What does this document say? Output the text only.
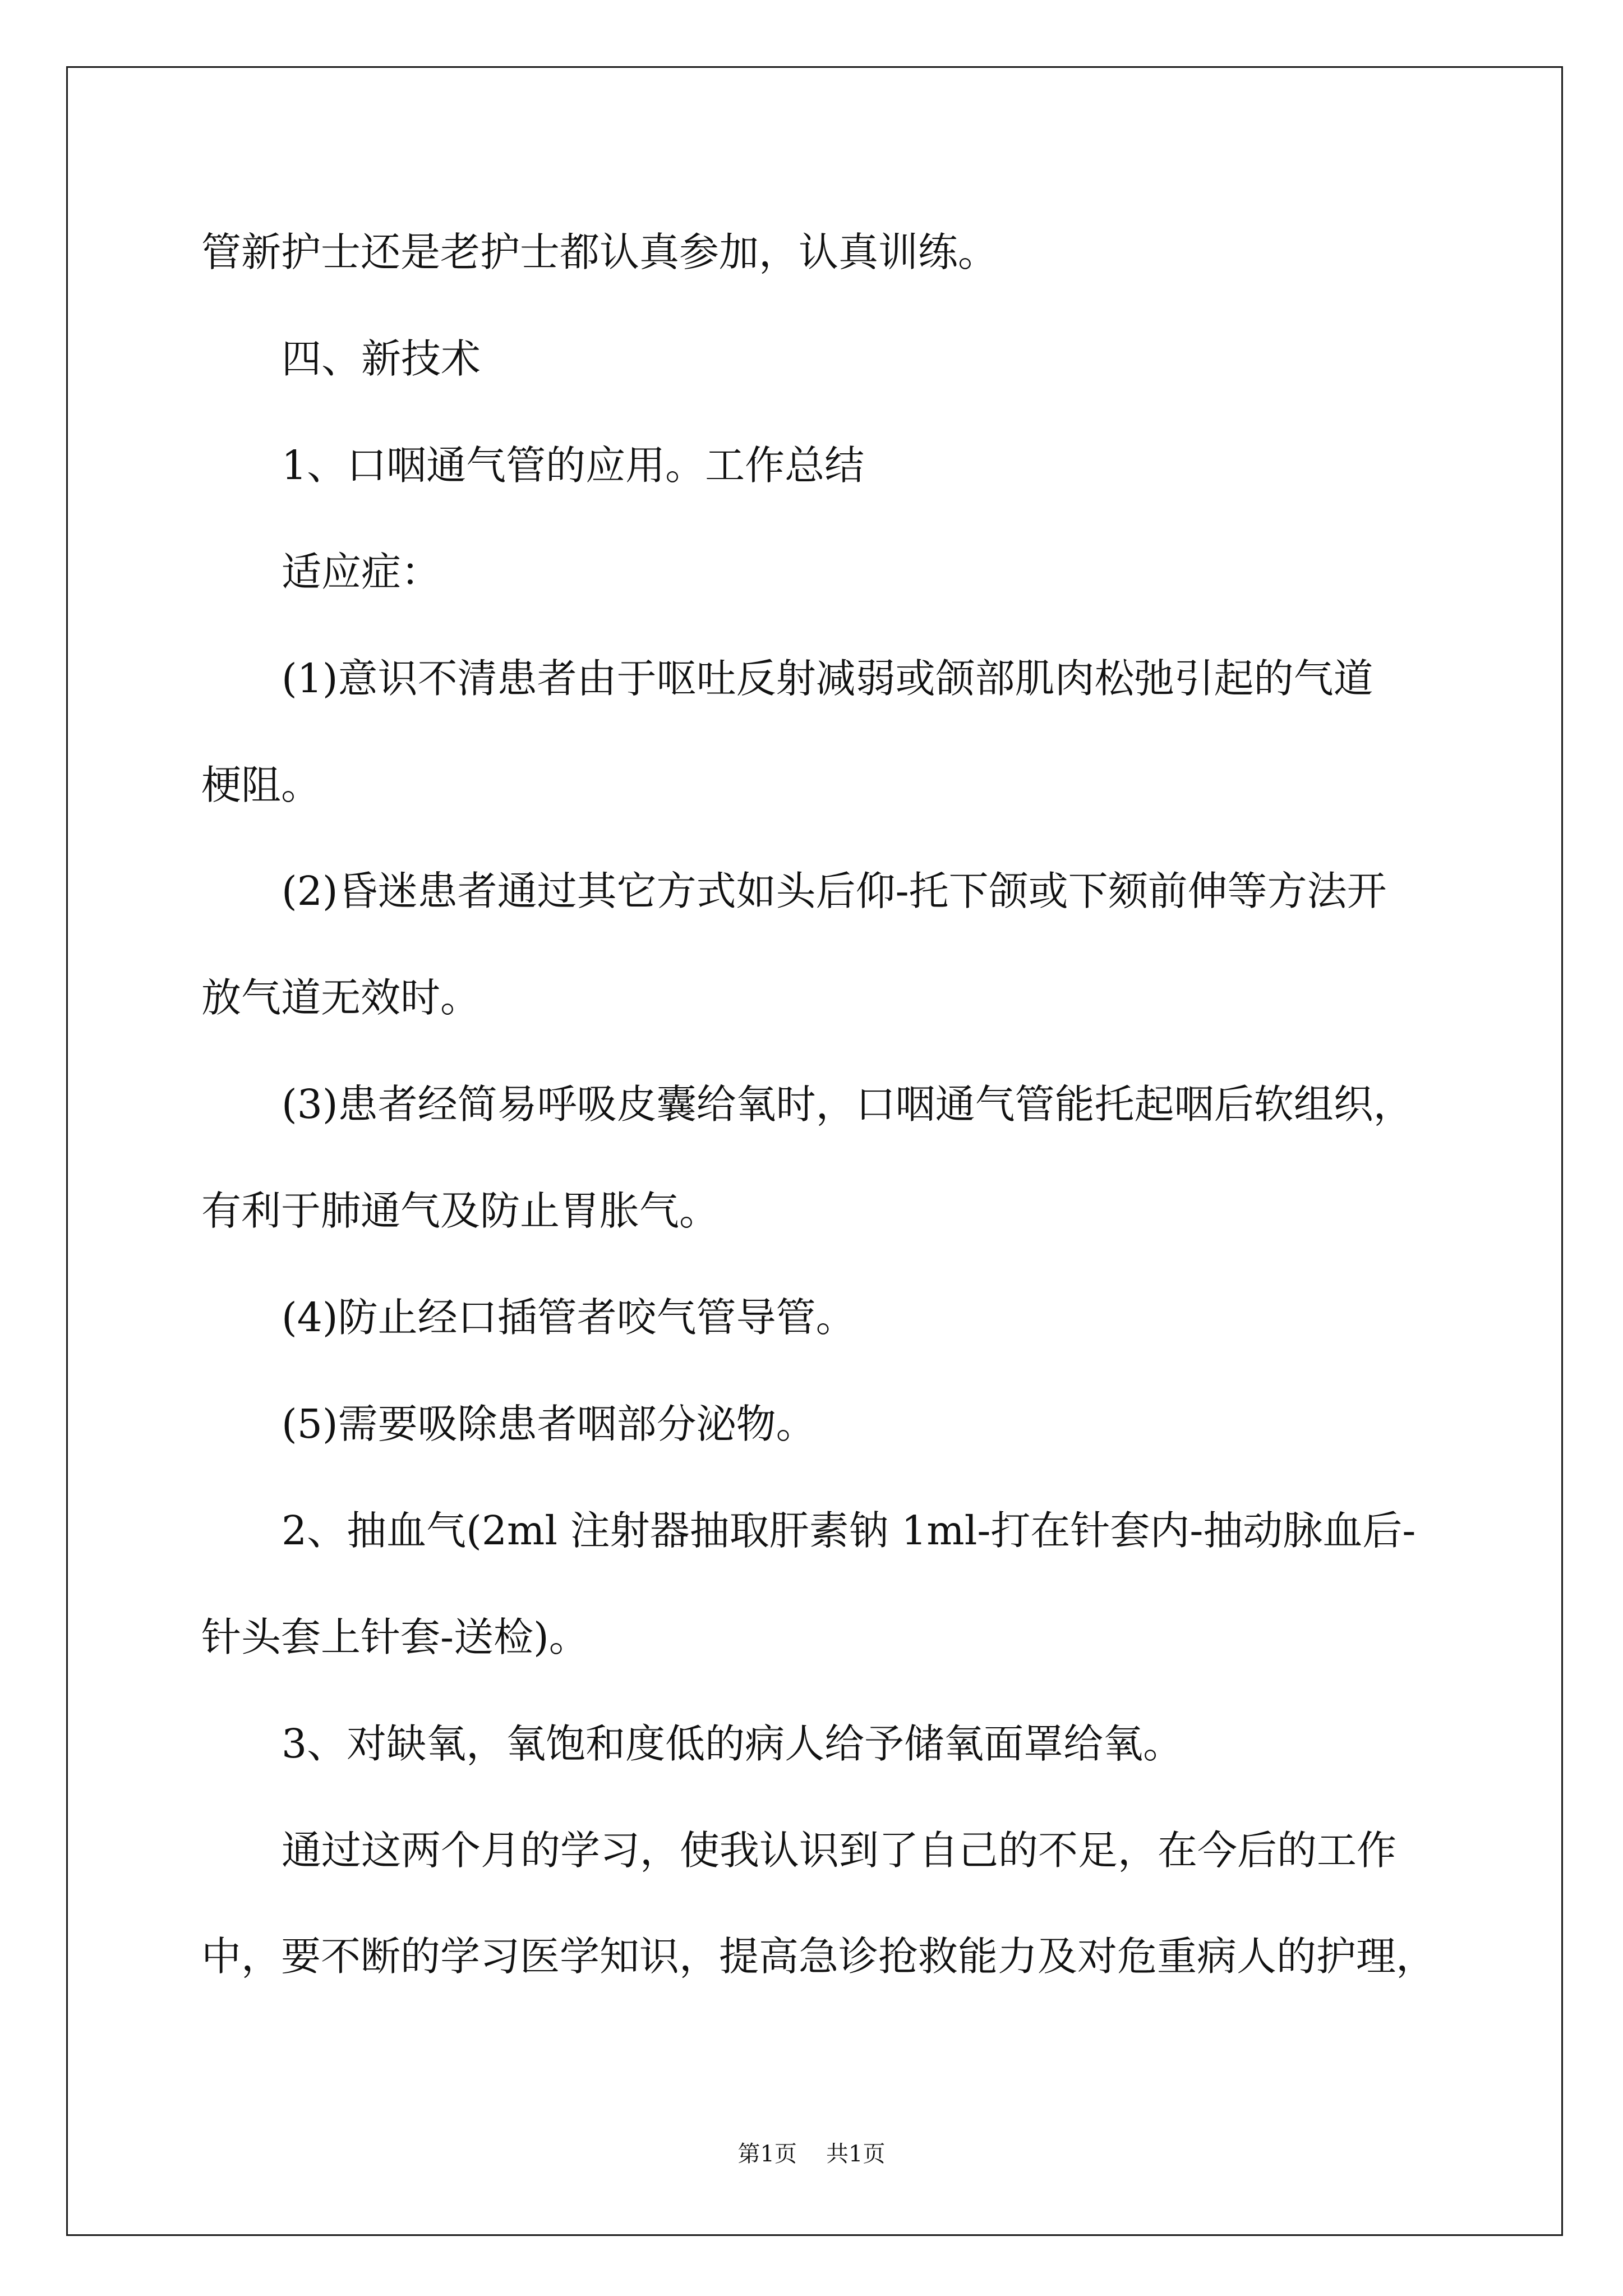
管新护士还是老护士都认真参加，认真训练。
四、新技术
1、口咽通气管的应用。工作总结
适应症：
(1)意识不清患者由于呕吐反射减弱或颌部肌肉松弛引起的气道
梗阻。
(2)昏迷患者通过其它方式如头后仰-托下颌或下颏前伸等方法开
放气道无效时。
(3)患者经简易呼吸皮囊给氧时，口咽通气管能托起咽后软组织，
有利于肺通气及防止胃胀气。
(4)防止经口插管者咬气管导管。
(5)需要吸除患者咽部分泌物。
2、抽血气(2ml 注射器抽取肝素钠 1ml-打在针套内-抽动脉血后-
针头套上针套-送检)。
3、对缺氧，氧饱和度低的病人给予储氧面罩给氧。
通过这两个月的学习，使我认识到了自己的不足，在今后的工作
中，要不断的学习医学知识，提高急诊抢救能力及对危重病人的护理，
第1页 共1页
